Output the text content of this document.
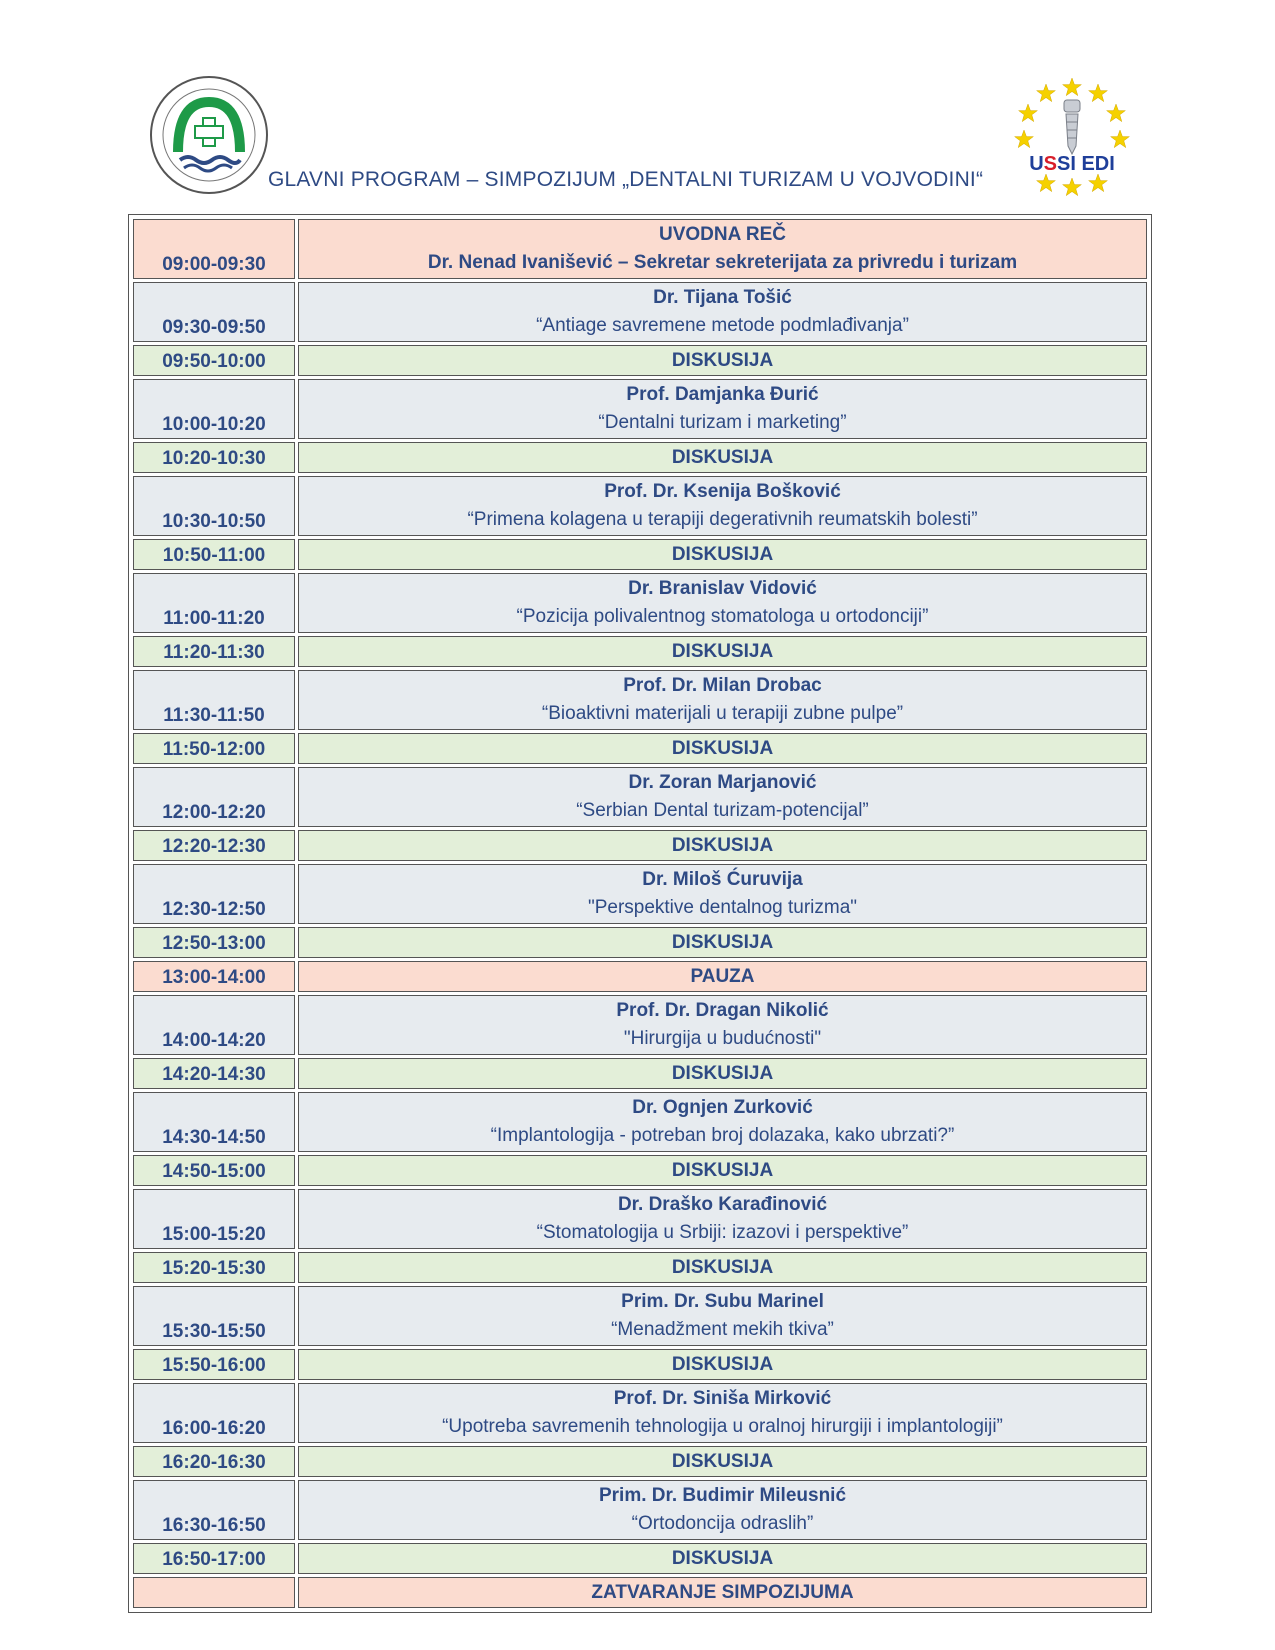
USSI EDI
GLAVNI PROGRAM – SIMPOZIJUM „DENTALNI TURIZAM U VOJVODINI“
09:00-09:30	UVODNA REČ
Dr. Nenad Ivanišević – Sekretar sekreterijata za privredu i turizam

09:30-09:50	Dr. Tijana Tošić
“Antiage savremene metode podmlađivanja”

09:50-10:00	DISKUSIJA

10:00-10:20	Prof. Damjanka Đurić
“Dentalni turizam i marketing”

10:20-10:30	DISKUSIJA

10:30-10:50	Prof. Dr. Ksenija Bošković
“Primena kolagena u terapiji degerativnih reumatskih bolesti”

10:50-11:00	DISKUSIJA

11:00-11:20	Dr. Branislav Vidović
“Pozicija polivalentnog stomatologa u ortodonciji”

11:20-11:30	DISKUSIJA

11:30-11:50	Prof. Dr. Milan Drobac
“Bioaktivni materijali u terapiji zubne pulpe”

11:50-12:00	DISKUSIJA

12:00-12:20	Dr. Zoran Marjanović
“Serbian Dental turizam-potencijal”

12:20-12:30	DISKUSIJA

12:30-12:50	Dr. Miloš Ćuruvija
"Perspektive dentalnog turizma"

12:50-13:00	DISKUSIJA

13:00-14:00	PAUZA

14:00-14:20	Prof. Dr. Dragan Nikolić
"Hirurgija u budućnosti"

14:20-14:30	DISKUSIJA

14:30-14:50	Dr. Ognjen Zurković
“Implantologija - potreban broj dolazaka, kako ubrzati?”

14:50-15:00	DISKUSIJA

15:00-15:20	Dr. Draško Karađinović
“Stomatologija u Srbiji: izazovi i perspektive”

15:20-15:30	DISKUSIJA

15:30-15:50	Prim. Dr. Subu Marinel
“Menadžment mekih tkiva”

15:50-16:00	DISKUSIJA

16:00-16:20	Prof. Dr. Siniša Mirković
“Upotreba savremenih tehnologija u oralnoj hirurgiji i implantologiji”

16:20-16:30	DISKUSIJA

16:30-16:50	Prim. Dr. Budimir Mileusnić
“Ortodoncija odraslih”

16:50-17:00	DISKUSIJA

	ZATVARANJE SIMPOZIJUMA
